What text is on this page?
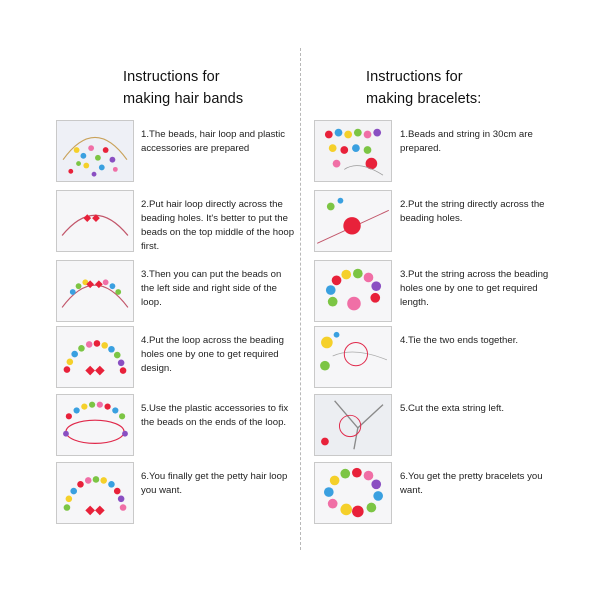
Instructions for
making hair bands
1.The beads, hair loop and plastic accessories are prepared
2.Put hair loop directly across the beading holes. It's better to put the beads on the top middle of the hoop first.
3.Then you can put the beads on the left side and right side of the loop.
4.Put the loop across the beading holes one by one to get required design.
5.Use the plastic accessories to fix the beads on the ends of the loop.
6.You finally get the petty hair loop you want.
Instructions for
making bracelets:
1.Beads and string in 30cm are prepared.
2.Put the string directly across the beading holes.
3.Put the string across the beading holes one by one to get required length.
4.Tie the two ends together.
5.Cut the exta string left.
6.You get the pretty bracelets you want.
